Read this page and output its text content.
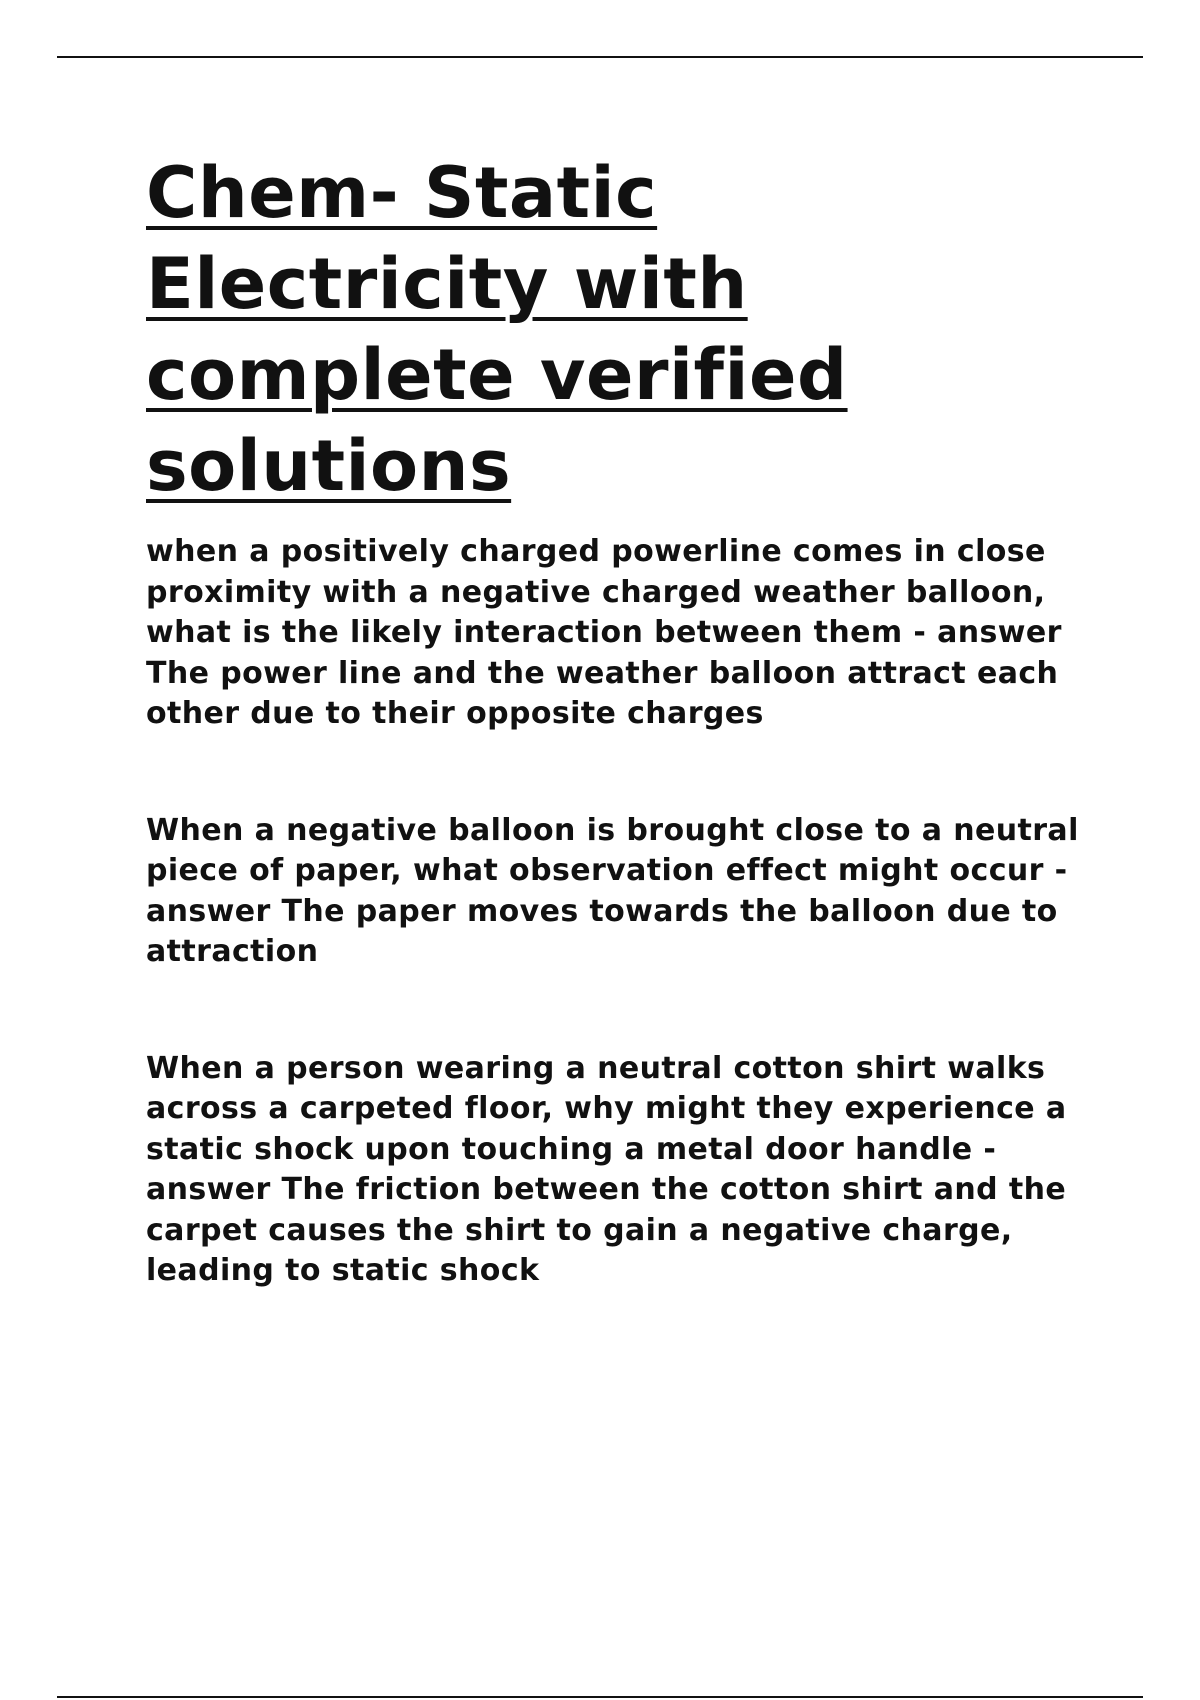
Chem- Static Electricity with complete verified solutions

when a positively charged powerline comes in close proximity with a negative charged weather balloon, what is the likely interaction between them - answer The power line and the weather balloon attract each other due to their opposite charges

When a negative balloon is brought close to a neutral piece of paper, what observation effect might occur - answer The paper moves towards the balloon due to attraction

When a person wearing a neutral cotton shirt walks across a carpeted floor, why might they experience a static shock upon touching a metal door handle - answer The friction between the cotton shirt and the carpet causes the shirt to gain a negative charge, leading to static shock
